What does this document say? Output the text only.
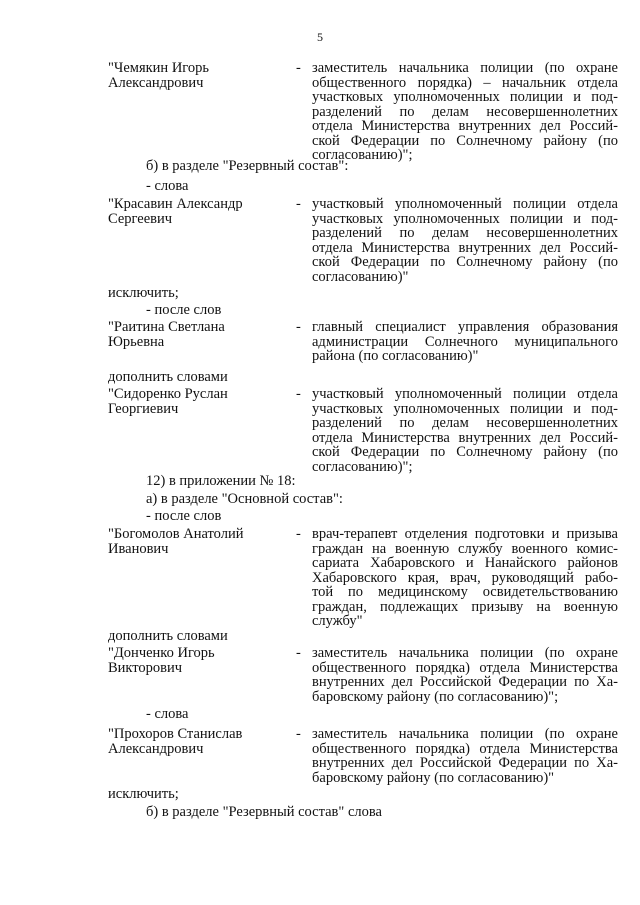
5
"Чемякин Игорь
Александрович
- заместитель начальника полиции (по охране
общественного порядка) – начальник отдела
участковых уполномоченных полиции и под-
разделений по делам несовершеннолетних
отдела Министерства внутренних дел Россий-
ской Федерации по Солнечному району (по
согласованию)";
б) в разделе "Резервный состав":
- слова
"Красавин Александр
Сергеевич
- участковый уполномоченный полиции отдела
участковых уполномоченных полиции и под-
разделений по делам несовершеннолетних
отдела Министерства внутренних дел Россий-
ской Федерации по Солнечному району (по
согласованию)"
исключить;
- после слов
"Раитина Светлана
Юрьевна
- главный специалист управления образования
администрации Солнечного муниципального
района (по согласованию)"
дополнить словами
"Сидоренко Руслан
Георгиевич
- участковый уполномоченный полиции отдела
участковых уполномоченных полиции и под-
разделений по делам несовершеннолетних
отдела Министерства внутренних дел Россий-
ской Федерации по Солнечному району (по
согласованию)";
12) в приложении № 18:
а) в разделе "Основной состав":
- после слов
"Богомолов Анатолий
Иванович
- врач-терапевт отделения подготовки и призыва
граждан на военную службу военного комис-
сариата Хабаровского и Нанайского районов
Хабаровского края, врач, руководящий рабо-
той по медицинскому освидетельствованию
граждан, подлежащих призыву на военную
службу"
дополнить словами
"Донченко Игорь
Викторович
- заместитель начальника полиции (по охране
общественного порядка) отдела Министерства
внутренних дел Российской Федерации по Ха-
баровскому району (по согласованию)";
- слова
"Прохоров Станислав
Александрович
- заместитель начальника полиции (по охране
общественного порядка) отдела Министерства
внутренних дел Российской Федерации по Ха-
баровскому району (по согласованию)"
исключить;
б) в разделе "Резервный состав" слова
